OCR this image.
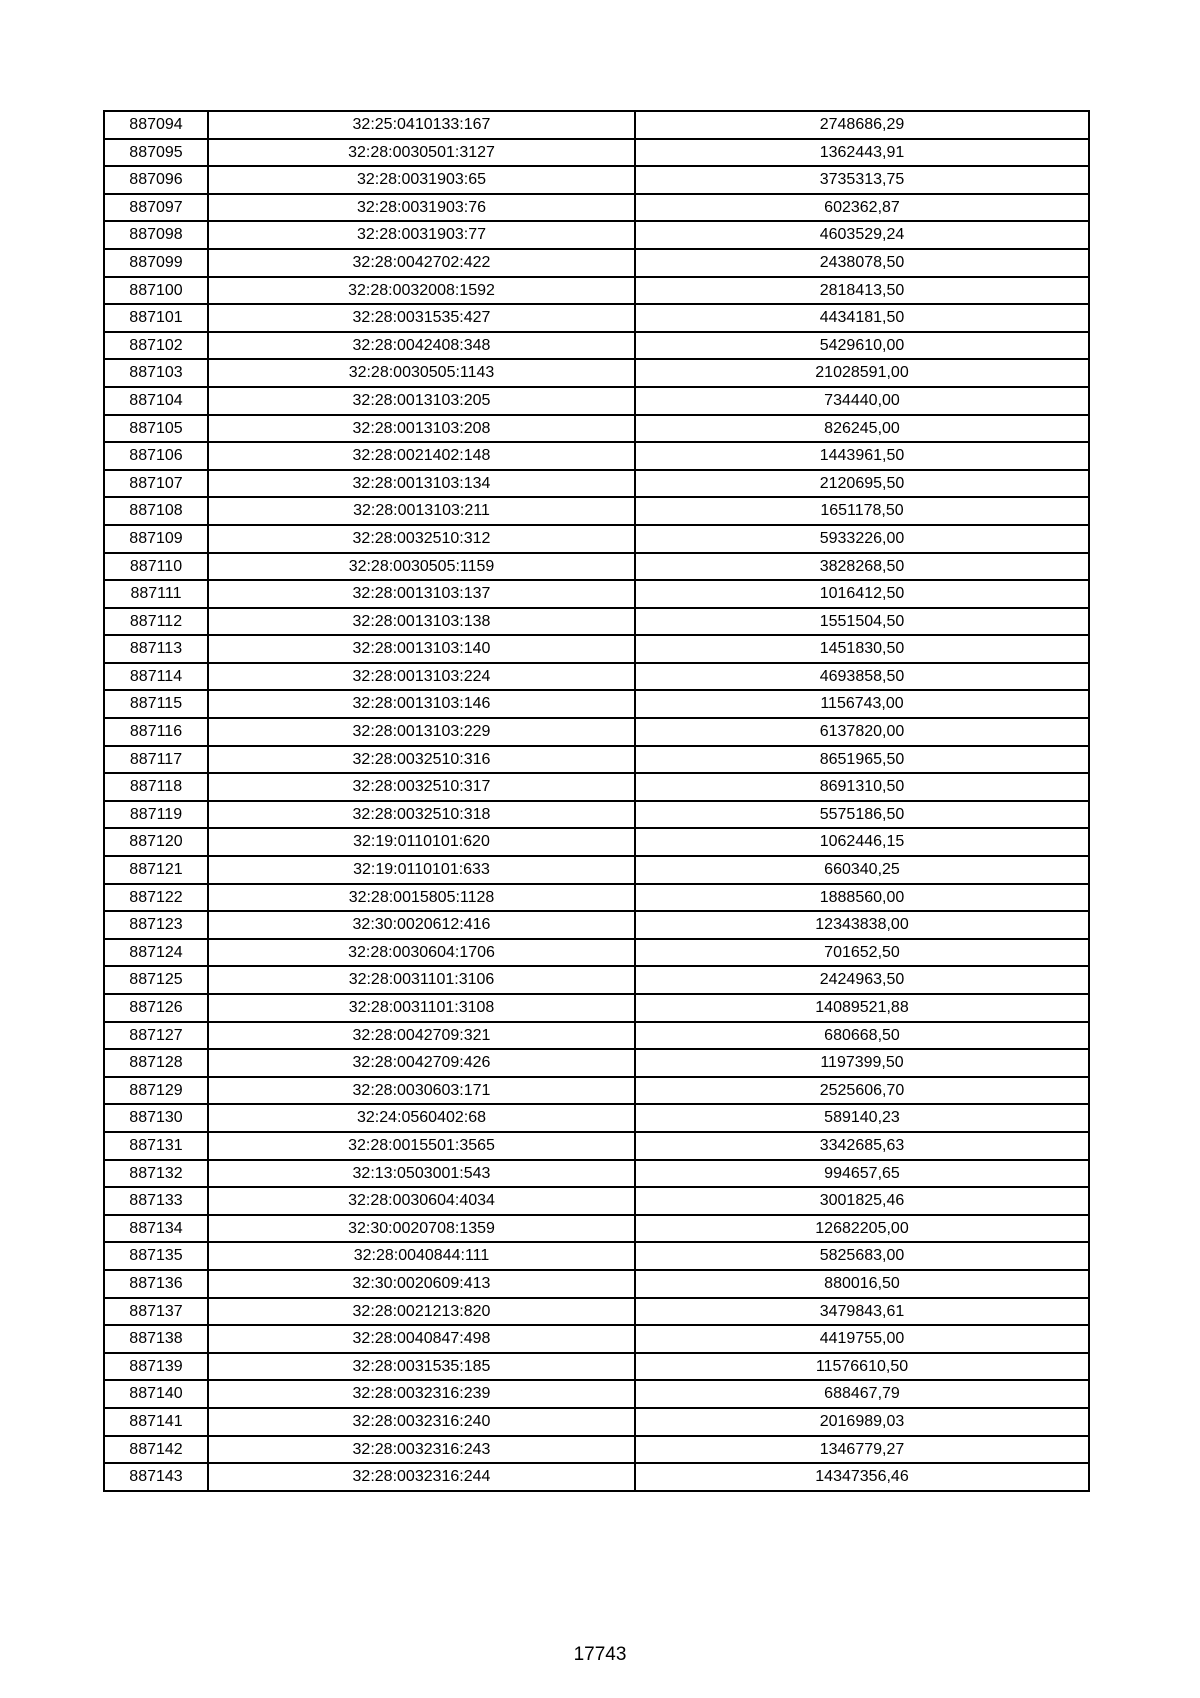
887094	32:25:0410133:167	2748686,29
887095	32:28:0030501:3127	1362443,91
887096	32:28:0031903:65	3735313,75
887097	32:28:0031903:76	602362,87
887098	32:28:0031903:77	4603529,24
887099	32:28:0042702:422	2438078,50
887100	32:28:0032008:1592	2818413,50
887101	32:28:0031535:427	4434181,50
887102	32:28:0042408:348	5429610,00
887103	32:28:0030505:1143	21028591,00
887104	32:28:0013103:205	734440,00
887105	32:28:0013103:208	826245,00
887106	32:28:0021402:148	1443961,50
887107	32:28:0013103:134	2120695,50
887108	32:28:0013103:211	1651178,50
887109	32:28:0032510:312	5933226,00
887110	32:28:0030505:1159	3828268,50
887111	32:28:0013103:137	1016412,50
887112	32:28:0013103:138	1551504,50
887113	32:28:0013103:140	1451830,50
887114	32:28:0013103:224	4693858,50
887115	32:28:0013103:146	1156743,00
887116	32:28:0013103:229	6137820,00
887117	32:28:0032510:316	8651965,50
887118	32:28:0032510:317	8691310,50
887119	32:28:0032510:318	5575186,50
887120	32:19:0110101:620	1062446,15
887121	32:19:0110101:633	660340,25
887122	32:28:0015805:1128	1888560,00
887123	32:30:0020612:416	12343838,00
887124	32:28:0030604:1706	701652,50
887125	32:28:0031101:3106	2424963,50
887126	32:28:0031101:3108	14089521,88
887127	32:28:0042709:321	680668,50
887128	32:28:0042709:426	1197399,50
887129	32:28:0030603:171	2525606,70
887130	32:24:0560402:68	589140,23
887131	32:28:0015501:3565	3342685,63
887132	32:13:0503001:543	994657,65
887133	32:28:0030604:4034	3001825,46
887134	32:30:0020708:1359	12682205,00
887135	32:28:0040844:111	5825683,00
887136	32:30:0020609:413	880016,50
887137	32:28:0021213:820	3479843,61
887138	32:28:0040847:498	4419755,00
887139	32:28:0031535:185	11576610,50
887140	32:28:0032316:239	688467,79
887141	32:28:0032316:240	2016989,03
887142	32:28:0032316:243	1346779,27
887143	32:28:0032316:244	14347356,46
17743
